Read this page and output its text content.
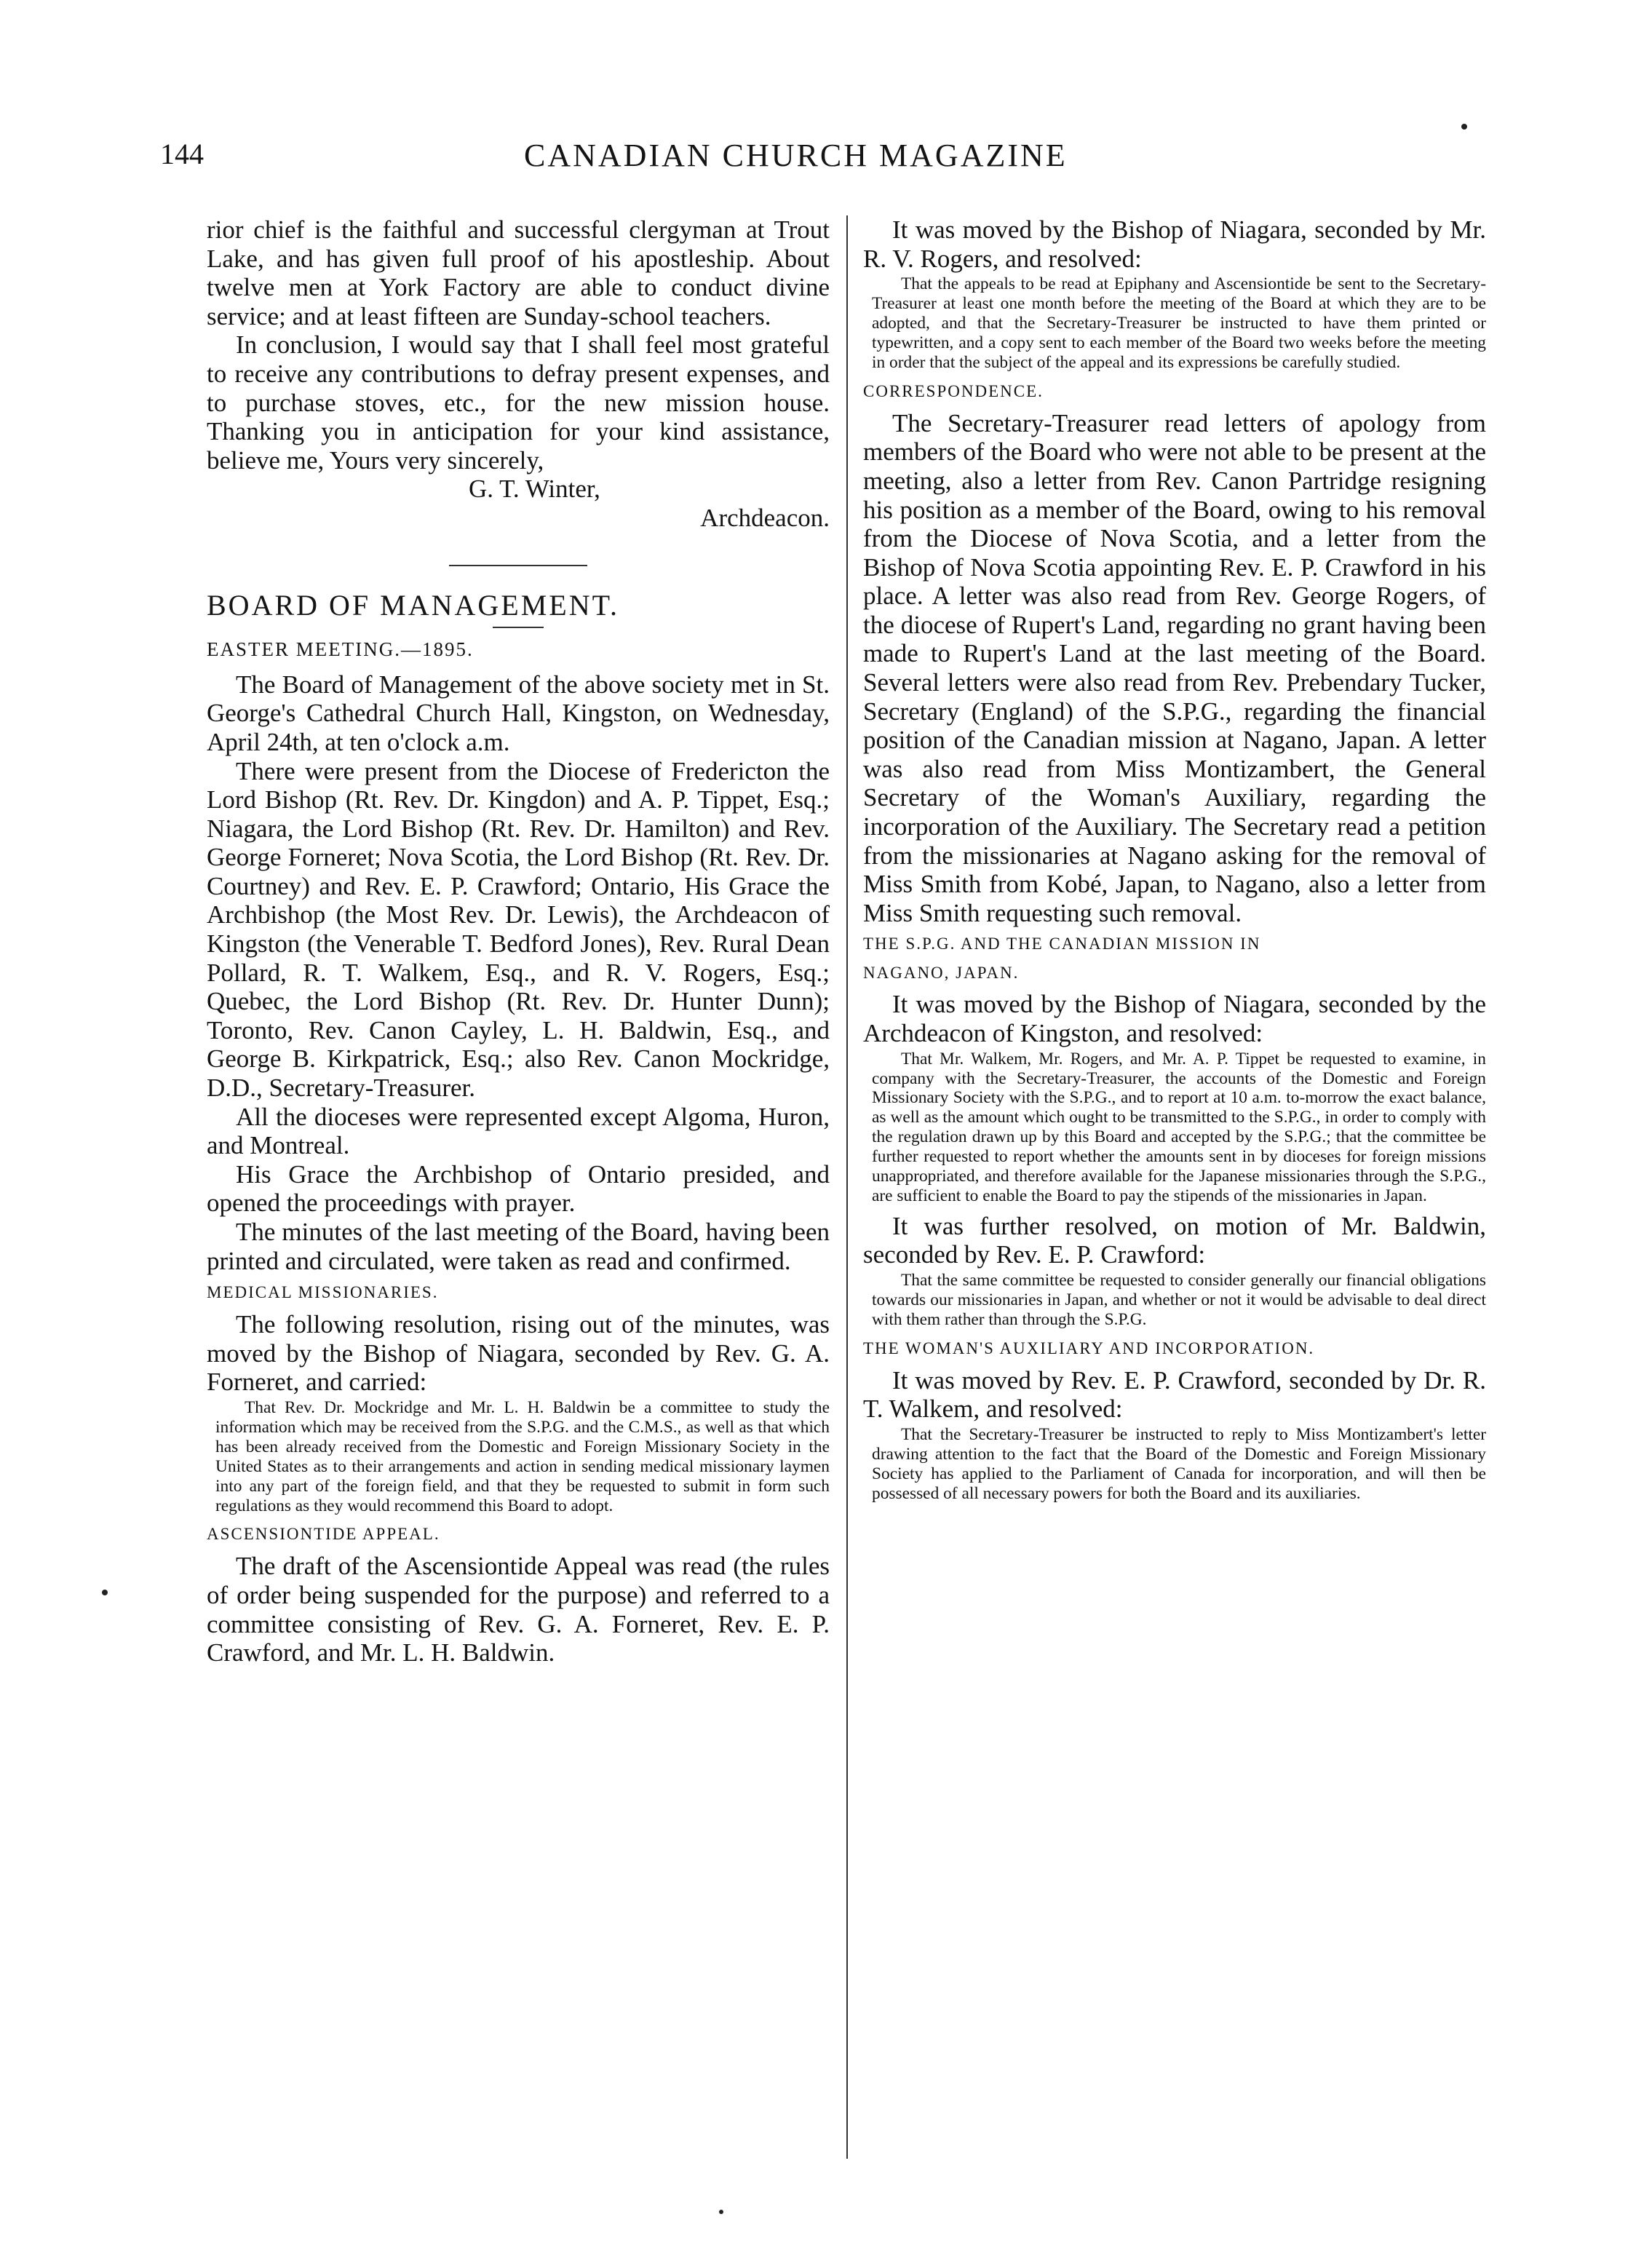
144	CANADIAN CHURCH MAGAZINE

rior chief is the faithful and successful clergyman at Trout Lake, and has given full proof of his apostleship. About twelve men at York Factory are able to conduct divine service; and at least fifteen are Sunday-school teachers.

In conclusion, I would say that I shall feel most grateful to receive any contributions to defray present expenses, and to purchase stoves, etc., for the new mission house. Thanking you in anticipation for your kind assistance, believe me, Yours very sincerely,

G. T. Winter,

Archdeacon.

BOARD OF MANAGEMENT.

EASTER MEETING.—1895.

The Board of Management of the above society met in St. George's Cathedral Church Hall, Kingston, on Wednesday, April 24th, at ten o'clock a.m.

There were present from the Diocese of Fredericton the Lord Bishop (Rt. Rev. Dr. Kingdon) and A. P. Tippet, Esq.; Niagara, the Lord Bishop (Rt. Rev. Dr. Hamilton) and Rev. George Forneret; Nova Scotia, the Lord Bishop (Rt. Rev. Dr. Courtney) and Rev. E. P. Crawford; Ontario, His Grace the Archbishop (the Most Rev. Dr. Lewis), the Archdeacon of Kingston (the Venerable T. Bedford Jones), Rev. Rural Dean Pollard, R. T. Walkem, Esq., and R. V. Rogers, Esq.; Quebec, the Lord Bishop (Rt. Rev. Dr. Hunter Dunn); Toronto, Rev. Canon Cayley, L. H. Baldwin, Esq., and George B. Kirkpatrick, Esq.; also Rev. Canon Mockridge, D.D., Secretary-Treasurer.

All the dioceses were represented except Algoma, Huron, and Montreal.

His Grace the Archbishop of Ontario presided, and opened the proceedings with prayer.

The minutes of the last meeting of the Board, having been printed and circulated, were taken as read and confirmed.

MEDICAL MISSIONARIES.

The following resolution, rising out of the minutes, was moved by the Bishop of Niagara, seconded by Rev. G. A. Forneret, and carried:

That Rev. Dr. Mockridge and Mr. L. H. Baldwin be a committee to study the information which may be received from the S.P.G. and the C.M.S., as well as that which has been already received from the Domestic and Foreign Missionary Society in the United States as to their arrangements and action in sending medical missionary laymen into any part of the foreign field, and that they be requested to submit in form such regulations as they would recommend this Board to adopt.

ASCENSIONTIDE APPEAL.

The draft of the Ascensiontide Appeal was read (the rules of order being suspended for the purpose) and referred to a committee consisting of Rev. G. A. Forneret, Rev. E. P. Crawford, and Mr. L. H. Baldwin.

It was moved by the Bishop of Niagara, seconded by Mr. R. V. Rogers, and resolved:

That the appeals to be read at Epiphany and Ascensiontide be sent to the Secretary-Treasurer at least one month before the meeting of the Board at which they are to be adopted, and that the Secretary-Treasurer be instructed to have them printed or typewritten, and a copy sent to each member of the Board two weeks before the meeting in order that the subject of the appeal and its expressions be carefully studied.

CORRESPONDENCE.

The Secretary-Treasurer read letters of apology from members of the Board who were not able to be present at the meeting, also a letter from Rev. Canon Partridge resigning his position as a member of the Board, owing to his removal from the Diocese of Nova Scotia, and a letter from the Bishop of Nova Scotia appointing Rev. E. P. Crawford in his place. A letter was also read from Rev. George Rogers, of the diocese of Rupert's Land, regarding no grant having been made to Rupert's Land at the last meeting of the Board. Several letters were also read from Rev. Prebendary Tucker, Secretary (England) of the S.P.G., regarding the financial position of the Canadian mission at Nagano, Japan. A letter was also read from Miss Montizambert, the General Secretary of the Woman's Auxiliary, regarding the incorporation of the Auxiliary. The Secretary read a petition from the missionaries at Nagano asking for the removal of Miss Smith from Kobé, Japan, to Nagano, also a letter from Miss Smith requesting such removal.

THE S.P.G. AND THE CANADIAN MISSION IN

NAGANO, JAPAN.

It was moved by the Bishop of Niagara, seconded by the Archdeacon of Kingston, and resolved:

That Mr. Walkem, Mr. Rogers, and Mr. A. P. Tippet be requested to examine, in company with the Secretary-Treasurer, the accounts of the Domestic and Foreign Missionary Society with the S.P.G., and to report at 10 a.m. to-morrow the exact balance, as well as the amount which ought to be transmitted to the S.P.G., in order to comply with the regulation drawn up by this Board and accepted by the S.P.G.; that the committee be further requested to report whether the amounts sent in by dioceses for foreign missions unappropriated, and therefore available for the Japanese missionaries through the S.P.G., are sufficient to enable the Board to pay the stipends of the missionaries in Japan.

It was further resolved, on motion of Mr. Baldwin, seconded by Rev. E. P. Crawford:

That the same committee be requested to consider generally our financial obligations towards our missionaries in Japan, and whether or not it would be advisable to deal direct with them rather than through the S.P.G.

THE WOMAN'S AUXILIARY AND INCORPORATION.

It was moved by Rev. E. P. Crawford, seconded by Dr. R. T. Walkem, and resolved:

That the Secretary-Treasurer be instructed to reply to Miss Montizambert's letter drawing attention to the fact that the Board of the Domestic and Foreign Missionary Society has applied to the Parliament of Canada for incorporation, and will then be possessed of all necessary powers for both the Board and its auxiliaries.
